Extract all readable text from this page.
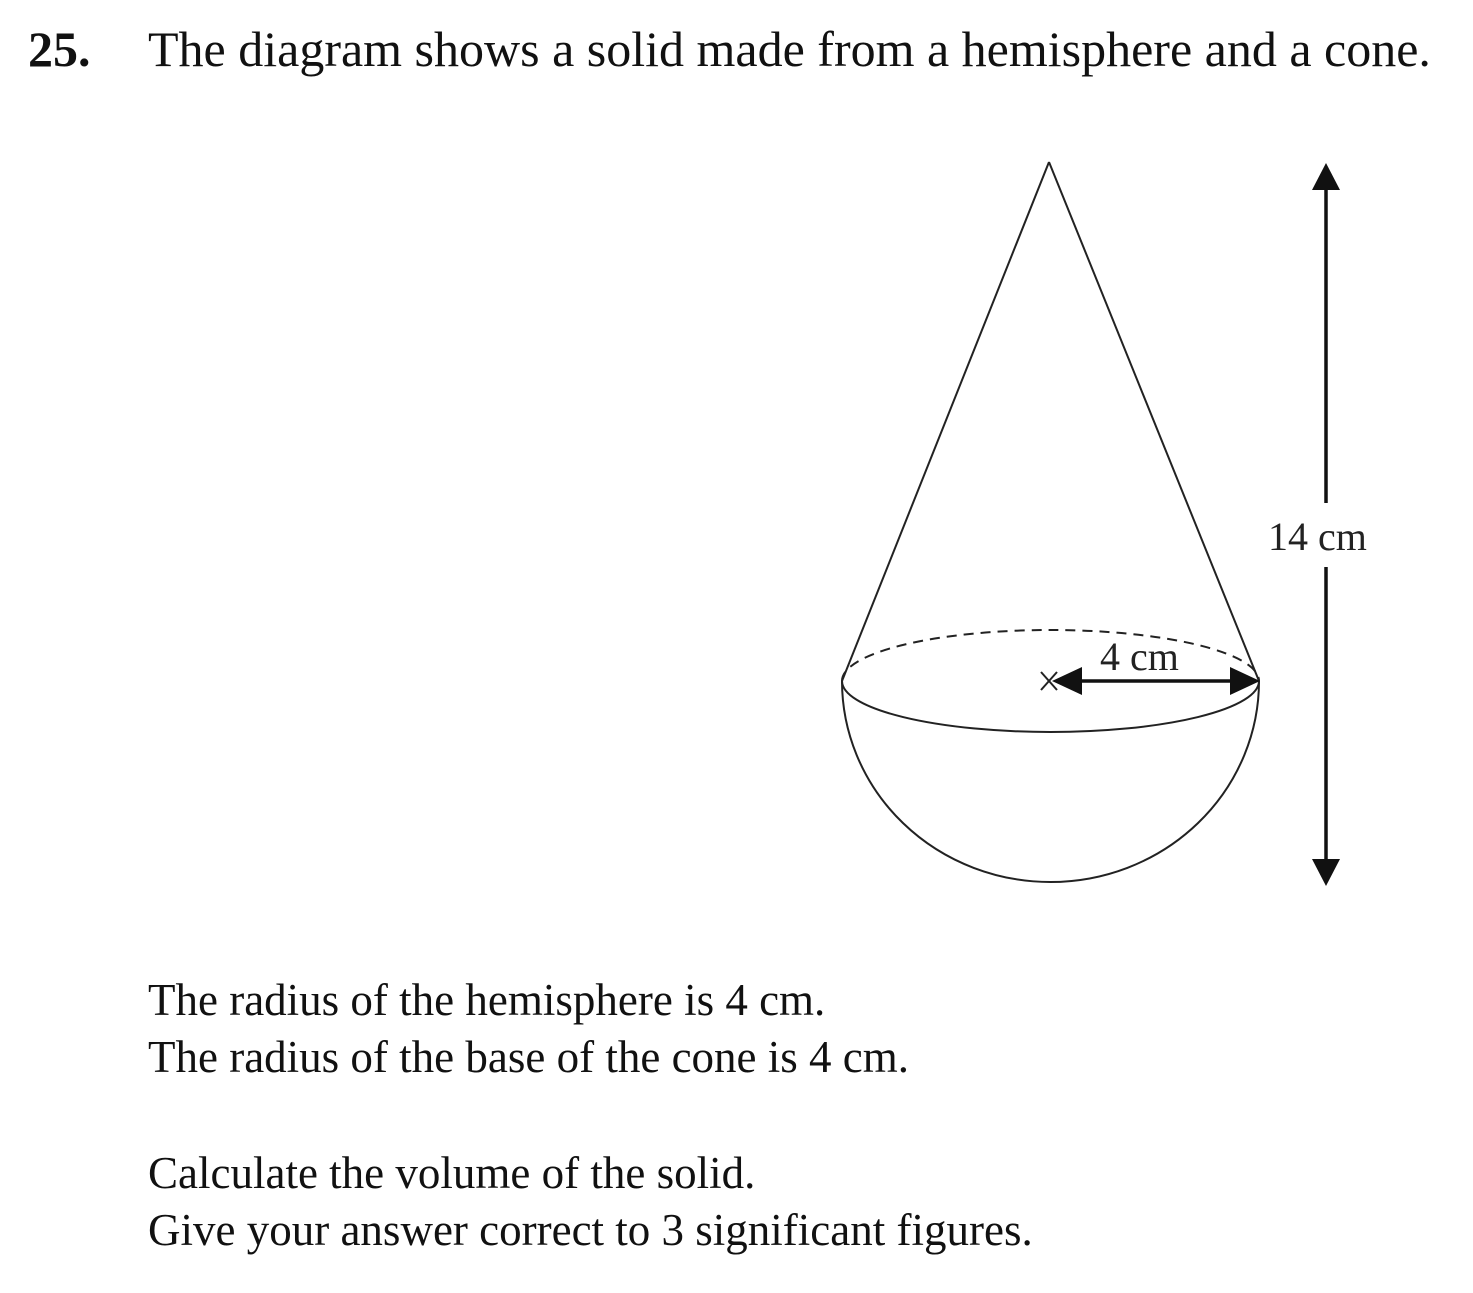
25. The diagram shows a solid made from a hemisphere and a cone.
4 cm
14 cm
The radius of the hemisphere is 4 cm.
The radius of the base of the cone is 4 cm.
Calculate the volume of the solid.
Give your answer correct to 3 significant figures.
